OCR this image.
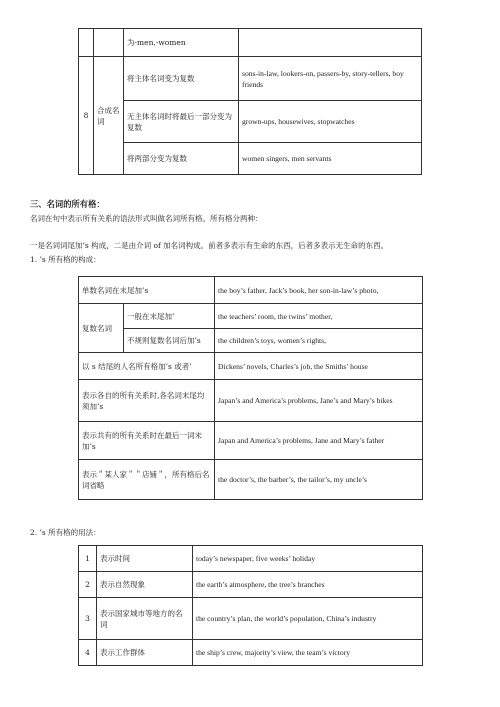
		为-men,-women	
8	合成名词	将主体名词变为复数	sons-in-law, lookers-on, passers-by, story-tellers, boy friends
		无主体名词时将最后一部分变为复数	grown-ups, housewives, stopwatches
		将两部分变为复数	women singers, men servants
三、名词的所有格：
名词在句中表示所有关系的语法形式叫做名词所有格。所有格分两种：
一是名词词尾加’s 构成，二是由介词 of 加名词构成。前者多表示有生命的东西，后者多表示无生命的东西。
1. ’s 所有格的构成：
单数名词在末尾加’s		the boy’s father, Jack’s book, her son-in-law’s photo,
复数名词	一般在末尾加’	the teachers’ room, the twins’ mother,
	不规则复数名词后加’s	the children’s toys, women’s rights,
以 s 结尾的人名所有格加’s 或者’		Dickens’ novels, Charles’s job, the Smiths’ house
表示各自的所有关系时,各名词末尾均须加’s		Japan’s and America’s problems, Jane’s and Mary’s bikes
表示共有的所有关系时在最后一词末加’s		Japan and America’s problems, Jane and Mary’s father
表示＂某人家＂＂店铺＂，所有格后名词省略		the doctor’s, the barber’s, the tailor’s, my uncle’s
2. ’s 所有格的用法：
1	表示时间	today’s newspaper, five weeks’ holiday
2	表示自然现象	the earth’s atmosphere, the tree’s branches
3	表示国家城市等地方的名词	the country’s plan, the world’s population, China’s industry
4	表示工作群体	the ship’s crew, majority’s view, the team’s victory
